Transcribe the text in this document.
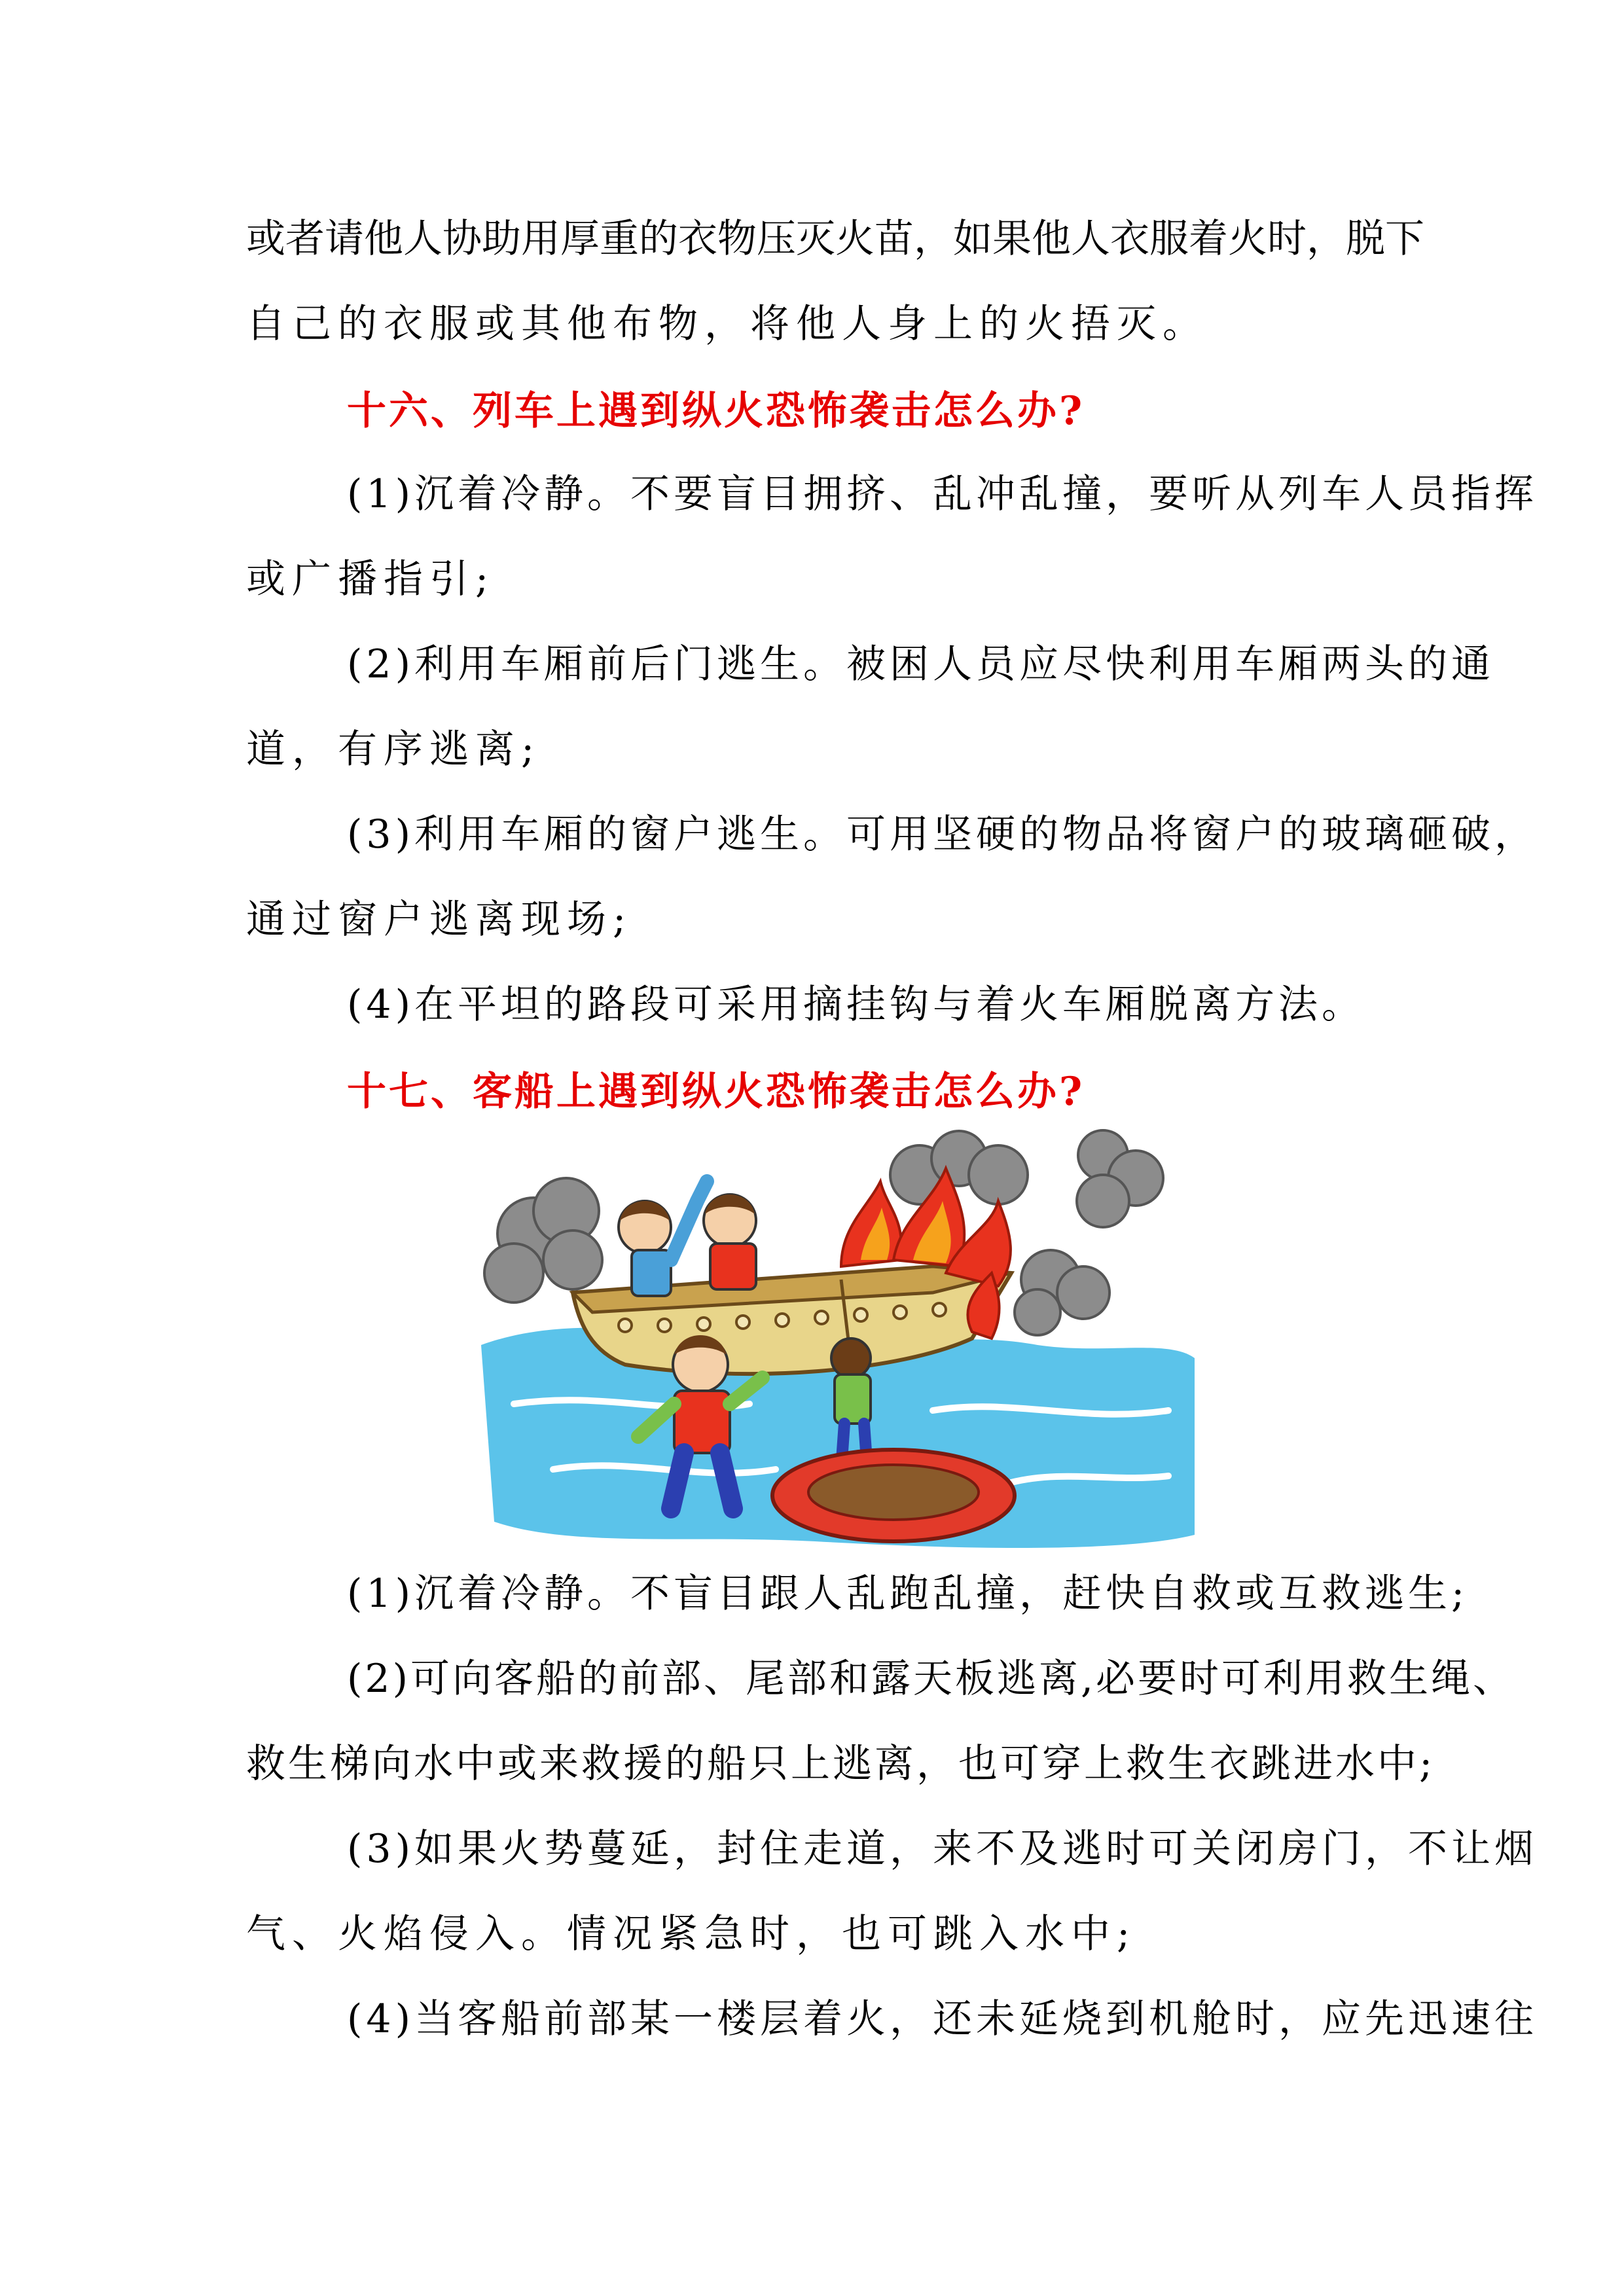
或者请他人协助用厚重的衣物压灭火苗，如果他人衣服着火时，脱下
自己的衣服或其他布物，将他人身上的火捂灭。
十六、列车上遇到纵火恐怖袭击怎么办?
(1)沉着冷静。不要盲目拥挤、乱冲乱撞，要听从列车人员指挥
或广播指引;
(2)利用车厢前后门逃生。被困人员应尽快利用车厢两头的通
道，有序逃离;
(3)利用车厢的窗户逃生。可用坚硬的物品将窗户的玻璃砸破，
通过窗户逃离现场;
(4)在平坦的路段可采用摘挂钩与着火车厢脱离方法。
十七、客船上遇到纵火恐怖袭击怎么办?
(1)沉着冷静。不盲目跟人乱跑乱撞，赶快自救或互救逃生;
(2)可向客船的前部、尾部和露天板逃离,必要时可利用救生绳、
救生梯向水中或来救援的船只上逃离，也可穿上救生衣跳进水中;
(3)如果火势蔓延，封住走道，来不及逃时可关闭房门，不让烟
气、火焰侵入。情况紧急时，也可跳入水中;
(4)当客船前部某一楼层着火，还未延烧到机舱时，应先迅速往
